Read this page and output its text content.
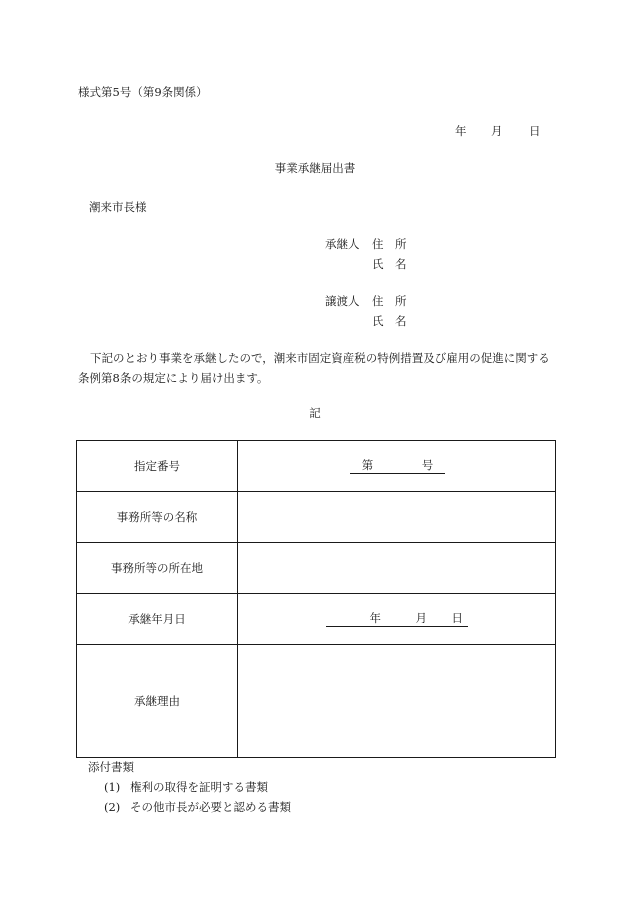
様式第5号（第9条関係）
年 月 日
事業承継届出書
潮来市長様
承継人 住　所
氏　名
譲渡人 住　所
氏　名
下記のとおり事業を承継したので，潮来市固定資産税の特例措置及び雇用の促進に関する条例第8条の規定により届け出ます。
記
指定番号	第 号
事務所等の名称	
事務所等の所在地	
承継年月日	年 月 日
承継理由	
添付書類
(1) 権利の取得を証明する書類
(2) その他市長が必要と認める書類
